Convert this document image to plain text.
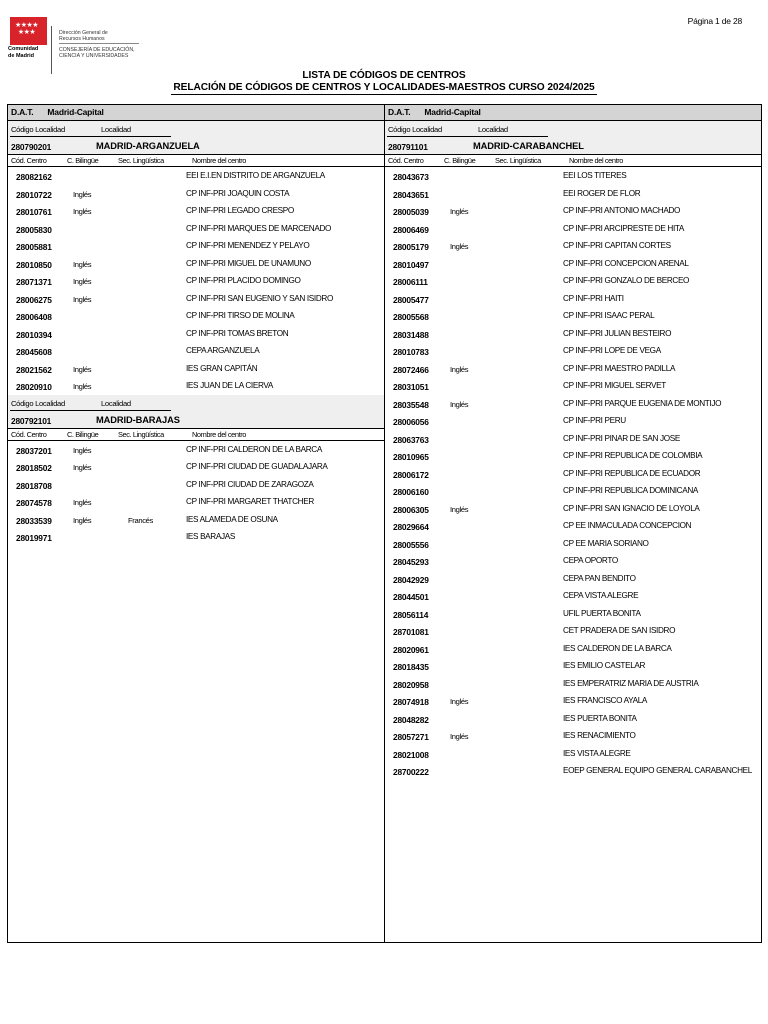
Página 1 de 28
★★★★
★★★
Comunidad
de Madrid
Dirección General de Recursos Humanos
CONSEJERÍA DE EDUCACIÓN, CIENCIA Y UNIVERSIDADES
LISTA DE CÓDIGOS DE CENTROS
RELACIÓN DE CÓDIGOS DE CENTROS Y LOCALIDADES-MAESTROS CURSO 2024/2025
D.A.T. Madrid-Capital
Código Localidad	Localidad
280790201	MADRID-ARGANZUELA
Cód. Centro	C. Bilingüe	Sec. Lingüística	Nombre del centro
28082162	EEI E.I.EN DISTRITO DE ARGANZUELA
28010722	Inglés	CP INF-PRI JOAQUIN COSTA
28010761	Inglés	CP INF-PRI LEGADO CRESPO
28005830	CP INF-PRI MARQUES DE MARCENADO
28005881	CP INF-PRI MENENDEZ Y PELAYO
28010850	Inglés	CP INF-PRI MIGUEL DE UNAMUNO
28071371	Inglés	CP INF-PRI PLACIDO DOMINGO
28006275	Inglés	CP INF-PRI SAN EUGENIO Y SAN ISIDRO
28006408	CP INF-PRI TIRSO DE MOLINA
28010394	CP INF-PRI TOMAS BRETON
28045608	CEPA ARGANZUELA
28021562	Inglés	IES GRAN CAPITÁN
28020910	Inglés	IES JUAN DE LA CIERVA
Código Localidad	Localidad
280792101	MADRID-BARAJAS
Cód. Centro	C. Bilingüe	Sec. Lingüística	Nombre del centro
28037201	Inglés	CP INF-PRI CALDERON DE LA BARCA
28018502	Inglés	CP INF-PRI CIUDAD DE GUADALAJARA
28018708	CP INF-PRI CIUDAD DE ZARAGOZA
28074578	Inglés	CP INF-PRI MARGARET THATCHER
28033539	Inglés	Francés	IES ALAMEDA DE OSUNA
28019971	IES BARAJAS
D.A.T. Madrid-Capital
Código Localidad	Localidad
280791101	MADRID-CARABANCHEL
Cód. Centro	C. Bilingüe	Sec. Lingüística	Nombre del centro
28043673	EEI LOS TITERES
28043651	EEI ROGER DE FLOR
28005039	Inglés	CP INF-PRI ANTONIO MACHADO
28006469	CP INF-PRI ARCIPRESTE DE HITA
28005179	Inglés	CP INF-PRI CAPITAN CORTES
28010497	CP INF-PRI CONCEPCION ARENAL
28006111	CP INF-PRI GONZALO DE BERCEO
28005477	CP INF-PRI HAITI
28005568	CP INF-PRI ISAAC PERAL
28031488	CP INF-PRI JULIAN BESTEIRO
28010783	CP INF-PRI LOPE DE VEGA
28072466	Inglés	CP INF-PRI MAESTRO PADILLA
28031051	CP INF-PRI MIGUEL SERVET
28035548	Inglés	CP INF-PRI PARQUE EUGENIA DE MONTIJO
28006056	CP INF-PRI PERU
28063763	CP INF-PRI PINAR DE SAN JOSE
28010965	CP INF-PRI REPUBLICA DE COLOMBIA
28006172	CP INF-PRI REPUBLICA DE ECUADOR
28006160	CP INF-PRI REPUBLICA DOMINICANA
28006305	Inglés	CP INF-PRI SAN IGNACIO DE LOYOLA
28029664	CP EE INMACULADA CONCEPCION
28005556	CP EE MARIA SORIANO
28045293	CEPA OPORTO
28042929	CEPA PAN BENDITO
28044501	CEPA VISTA ALEGRE
28056114	UFIL PUERTA BONITA
28701081	CET PRADERA DE SAN ISIDRO
28020961	IES CALDERON DE LA BARCA
28018435	IES EMILIO CASTELAR
28020958	IES EMPERATRIZ MARIA DE AUSTRIA
28074918	Inglés	IES FRANCISCO AYALA
28048282	IES PUERTA BONITA
28057271	Inglés	IES RENACIMIENTO
28021008	IES VISTA ALEGRE
28700222	EOEP GENERAL EQUIPO GENERAL CARABANCHEL
